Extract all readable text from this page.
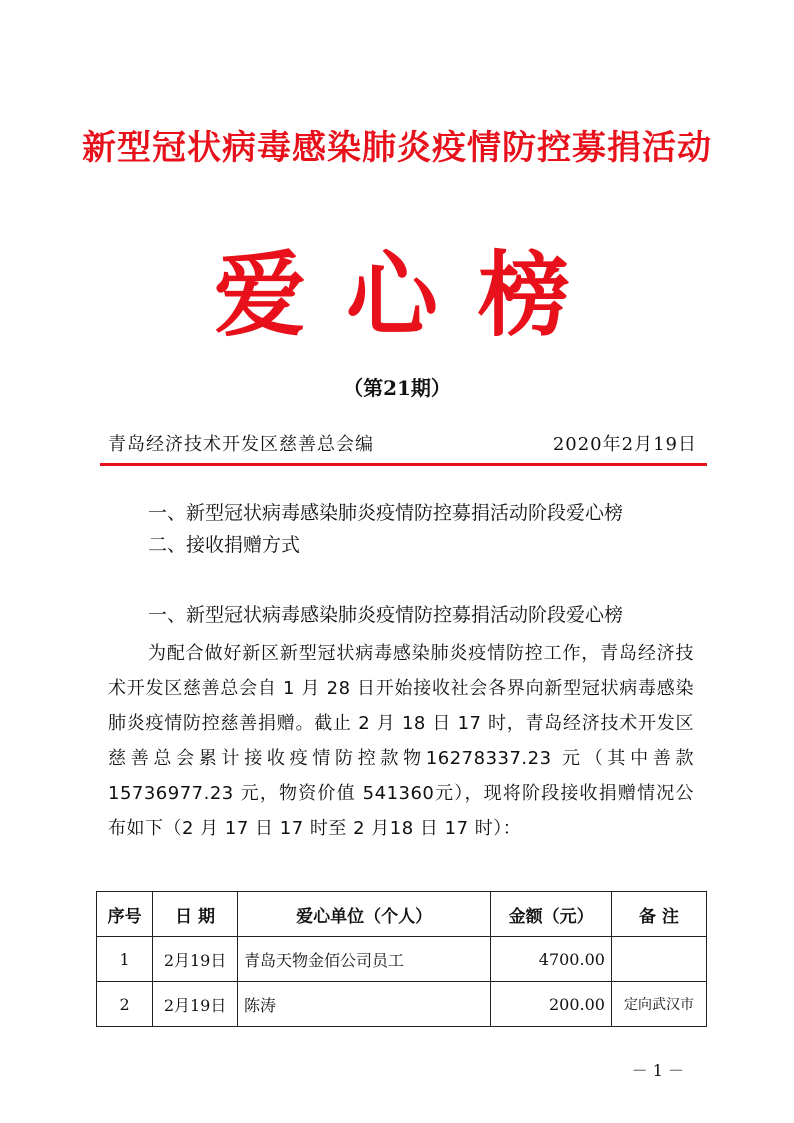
新型冠状病毒感染肺炎疫情防控募捐活动
爱心榜
（第21期）
青岛经济技术开发区慈善总会编	2020年2月19日
一、新型冠状病毒感染肺炎疫情防控募捐活动阶段爱心榜
二、接收捐赠方式
一、新型冠状病毒感染肺炎疫情防控募捐活动阶段爱心榜
为配合做好新区新型冠状病毒感染肺炎疫情防控工作，青岛经济技术开发区慈善总会自 1 月 28 日开始接收社会各界向新型冠状病毒感染肺炎疫情防控慈善捐赠。截止 2 月 18 日 17 时，青岛经济技术开发区慈善总会累计接收疫情防控款物16278337.23 元（其中善款 15736977.23 元，物资价值 541360元），现将阶段接收捐赠情况公布如下（2 月 17 日 17 时至 2 月18 日 17 时）：
序号	日 期	爱心单位（个人）	金额（元）	备 注
1	2月19日	青岛天物金佰公司员工	4700.00	
2	2月19日	陈涛	200.00	定向武汉市
－ 1 －
